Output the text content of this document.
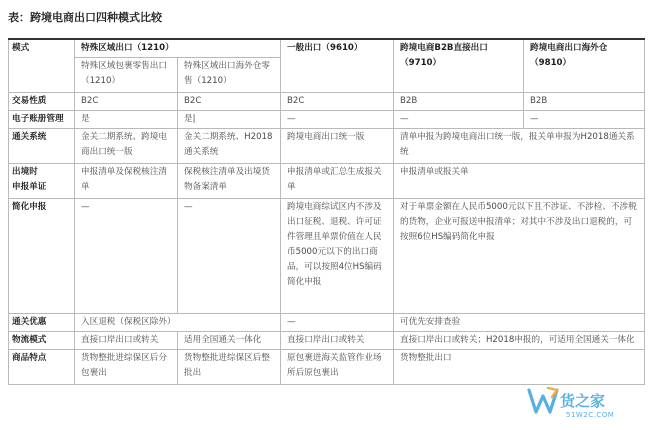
表：跨境电商出口四种模式比较
模式	特殊区域出口（1210）		一般出口（9610）	跨境电商B2B直接出口（9710）	跨境电商出口海外仓（9810）
	特殊区域包裹零售出口（1210）	特殊区域出口海外仓零售（1210）			
交易性质	B2C	B2C	B2C	B2B	B2B
电子账册管理	是	是|	—	—	—
通关系统	金关二期系统、跨境电商出口统一版	金关二期系统、H2018通关系统	跨境电商出口统一版	清单申报为跨境电商出口统一版，报关单申报为H2018通关系统	

出境时
申报单证	申报清单及保税核注清单	保税核注清单及出境货物备案清单	申报清单或汇总生成报关单	申报清单或报关单	
简化申报	—	—	跨境电商综试区内不涉及出口征税、退税、许可证件管理且单票价值在人民币5000元以下的出口商品，可以按照4位HS编码简化申报	对于单票金额在人民币5000元以下且不涉证、不涉检、不涉税的货物，企业可报送申报清单；对其中不涉及出口退税的，可按照6位HS编码简化申报	
通关优惠	入区退税（保税区除外）		—	可优先安排查验	
物流模式	直接口岸出口或转关	适用全国通关一体化	直接口岸出口或转关	直接口岸出口或转关；H2018申报的，可适用全国通关一体化	
商品特点	货物整批进综保区后分包裹出	货物整批进综保区后整批出	原包裹进海关监管作业场所后原包裹出	货物整批出口	
货之家
51W2C.COM
